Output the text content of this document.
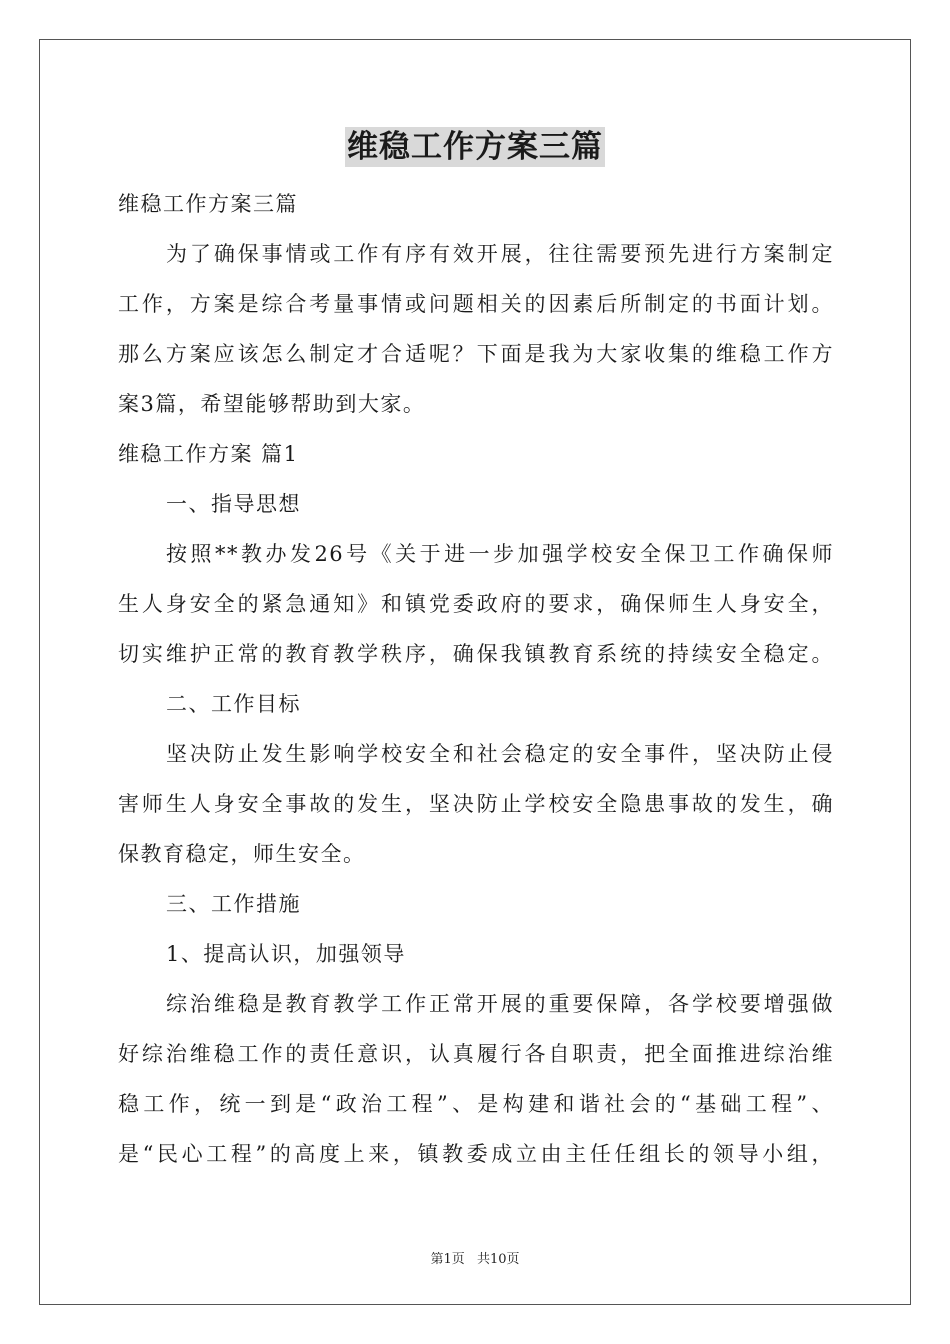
维稳工作方案三篇
维稳工作方案三篇
为了确保事情或工作有序有效开展，往往需要预先进行方案制定
工作，方案是综合考量事情或问题相关的因素后所制定的书面计划。
那么方案应该怎么制定才合适呢？下面是我为大家收集的维稳工作方
案3篇，希望能够帮助到大家。
维稳工作方案 篇1
一、指导思想
按照**教办发26号《关于进一步加强学校安全保卫工作确保师
生人身安全的紧急通知》和镇党委政府的要求，确保师生人身安全，
切实维护正常的教育教学秩序，确保我镇教育系统的持续安全稳定。
二、工作目标
坚决防止发生影响学校安全和社会稳定的安全事件，坚决防止侵
害师生人身安全事故的发生，坚决防止学校安全隐患事故的发生，确
保教育稳定，师生安全。
三、工作措施
1、提高认识，加强领导
综治维稳是教育教学工作正常开展的重要保障，各学校要增强做
好综治维稳工作的责任意识，认真履行各自职责，把全面推进综治维
稳工作，统一到是“政治工程”、是构建和谐社会的“基础工程”、
是“民心工程”的高度上来，镇教委成立由主任任组长的领导小组，
第1页 共10页
